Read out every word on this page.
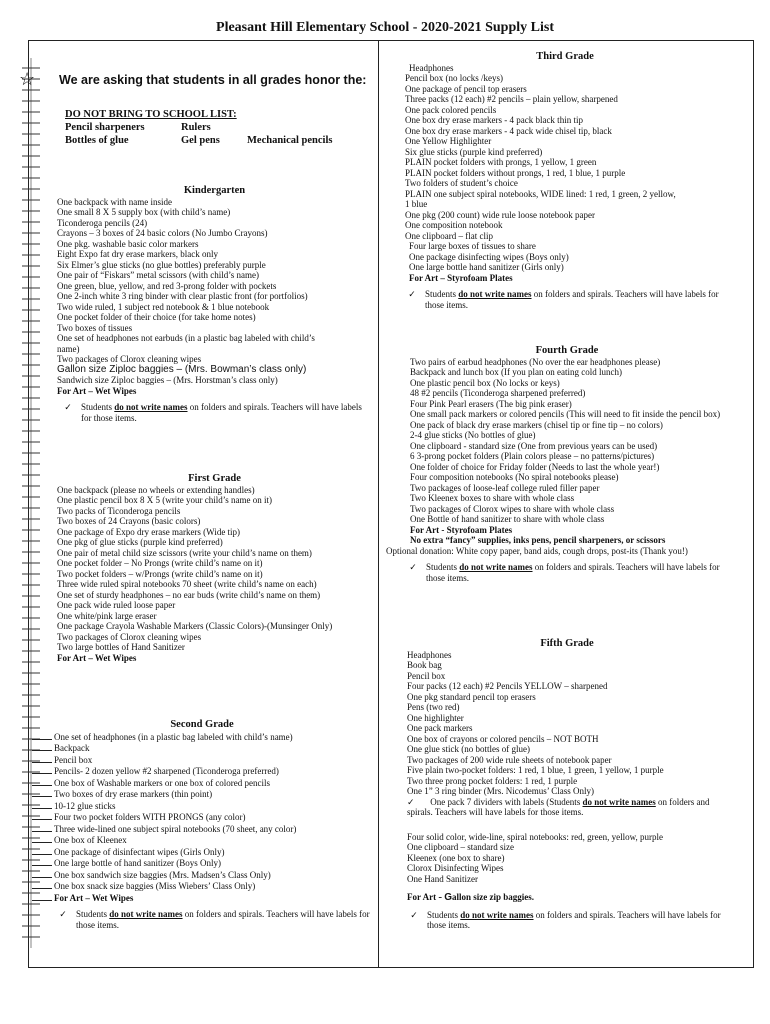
Pleasant Hill Elementary School - 2020-2021 Supply List
☆ We are asking that students in all grades honor the:
DO NOT BRING TO SCHOOL LIST:
Pencil sharpeners	Rulers
Bottles of glue	Gel pens	Mechanical pencils
Kindergarten
One backpack with name inside
One small 8 X 5 supply box (with child’s name)
Ticonderoga pencils (24)
Crayons – 3 boxes of 24 basic colors (No Jumbo Crayons)
One pkg. washable basic color markers
Eight Expo fat dry erase markers, black only
Six Elmer’s glue sticks (no glue bottles) preferably purple
One pair of “Fiskars” metal scissors (with child’s name)
One green, blue, yellow, and red 3-prong folder with pockets
One 2-inch white 3 ring binder with clear plastic front (for portfolios)
Two wide ruled, 1 subject red notebook & 1 blue notebook
One pocket folder of their choice (for take home notes)
Two boxes of tissues
One set of headphones not earbuds (in a plastic bag labeled with child’s
name)
Two packages of Clorox cleaning wipes
Gallon size Ziploc baggies – (Mrs. Bowman’s class only)
Sandwich size Ziploc baggies – (Mrs. Horstman’s class only)
For Art – Wet Wipes
✓	Students do not write names on folders and spirals. Teachers will have labels for those items.
First Grade
One backpack (please no wheels or extending handles)
One plastic pencil box 8 X 5 (write your child’s name on it)
Two packs of Ticonderoga pencils
Two boxes of 24 Crayons (basic colors)
One package of Expo dry erase markers (Wide tip)
One pkg of glue sticks (purple kind preferred)
One pair of metal child size scissors (write your child’s name on them)
One pocket folder – No Prongs (write child’s name on it)
Two pocket folders – w/Prongs (write child’s name on it)
Three wide ruled spiral notebooks 70 sheet (write child’s name on each)
One set of sturdy headphones – no ear buds (write child’s name on them)
One pack wide ruled loose paper
One white/pink large eraser
One package Crayola Washable Markers (Classic Colors)-(Munsinger Only)
Two packages of Clorox cleaning wipes
Two large bottles of Hand Sanitizer
For Art – Wet Wipes
Second Grade
One set of headphones (in a plastic bag labeled with child’s name)
Backpack
Pencil box
Pencils- 2 dozen yellow #2 sharpened (Ticonderoga preferred)
One box of Washable markers or one box of colored pencils
Two boxes of dry erase markers (thin point)
10-12 glue sticks
Four two pocket folders WITH PRONGS (any color)
Three wide-lined one subject spiral notebooks (70 sheet, any color)
One box of Kleenex
One package of disinfectant wipes (Girls Only)
One large bottle of hand sanitizer (Boys Only)
One box sandwich size baggies (Mrs. Madsen’s Class Only)
One box snack size baggies (Miss Wiebers’ Class Only)
For Art – Wet Wipes
✓	Students do not write names on folders and spirals. Teachers will have labels for those items.
Third Grade
Headphones
Pencil box (no locks /keys)
One package of pencil top erasers
Three packs (12 each) #2 pencils – plain yellow, sharpened
One pack colored pencils
One box dry erase markers - 4 pack black thin tip
One box dry erase markers - 4 pack wide chisel tip, black
One Yellow Highlighter
Six glue sticks (purple kind preferred)
PLAIN pocket folders with prongs, 1 yellow, 1 green
PLAIN pocket folders without prongs, 1 red, 1 blue, 1 purple
Two folders of student’s choice
PLAIN one subject spiral notebooks, WIDE lined: 1 red, 1 green, 2 yellow,
1 blue
One pkg (200 count) wide rule loose notebook paper
One composition notebook
One clipboard – flat clip
Four large boxes of tissues to share
One package disinfecting wipes (Boys only)
One large bottle hand sanitizer (Girls only)
For Art – Styrofoam Plates
✓	Students do not write names on folders and spirals. Teachers will have labels for those items.
Fourth Grade
Two pairs of earbud headphones (No over the ear headphones please)
Backpack and lunch box (If you plan on eating cold lunch)
One plastic pencil box (No locks or keys)
48 #2 pencils (Ticonderoga sharpened preferred)
Four Pink Pearl erasers (The big pink eraser)
One small pack markers or colored pencils (This will need to fit inside the pencil box)
One pack of black dry erase markers (chisel tip or fine tip – no colors)
2-4 glue sticks (No bottles of glue)
One clipboard - standard size (One from previous years can be used)
6 3-prong pocket folders (Plain colors please – no patterns/pictures)
One folder of choice for Friday folder (Needs to last the whole year!)
Four composition notebooks (No spiral notebooks please)
Two packages of loose-leaf college ruled filler paper
Two Kleenex boxes to share with whole class
Two packages of Clorox wipes to share with whole class
One Bottle of hand sanitizer to share with whole class
For Art - Styrofoam Plates
No extra “fancy” supplies, inks pens, pencil sharpeners, or scissors
Optional donation: White copy paper, band aids, cough drops, post-its (Thank you!)
✓	Students do not write names on folders and spirals. Teachers will have labels for those items.
Fifth Grade
Headphones
Book bag
Pencil box
Four packs (12 each) #2 Pencils YELLOW – sharpened
One pkg standard pencil top erasers
Pens (two red)
One highlighter
One pack markers
One box of crayons or colored pencils – NOT BOTH
One glue stick (no bottles of glue)
Two packages of 200 wide rule sheets of notebook paper
Five plain two-pocket folders: 1 red, 1 blue, 1 green, 1 yellow, 1 purple
Two three prong pocket folders: 1 red, 1 purple
One 1” 3 ring binder (Mrs. Nicodemus’ Class Only)
✓       One pack 7 dividers with labels (Students do not write names on folders and spirals. Teachers will have labels for those items.
Four solid color, wide-line, spiral notebooks: red, green, yellow, purple
One clipboard – standard size
Kleenex (one box to share)
Clorox Disinfecting Wipes
One Hand Sanitizer
For Art - Gallon size zip baggies.
✓	Students do not write names on folders and spirals. Teachers will have labels for those items.
